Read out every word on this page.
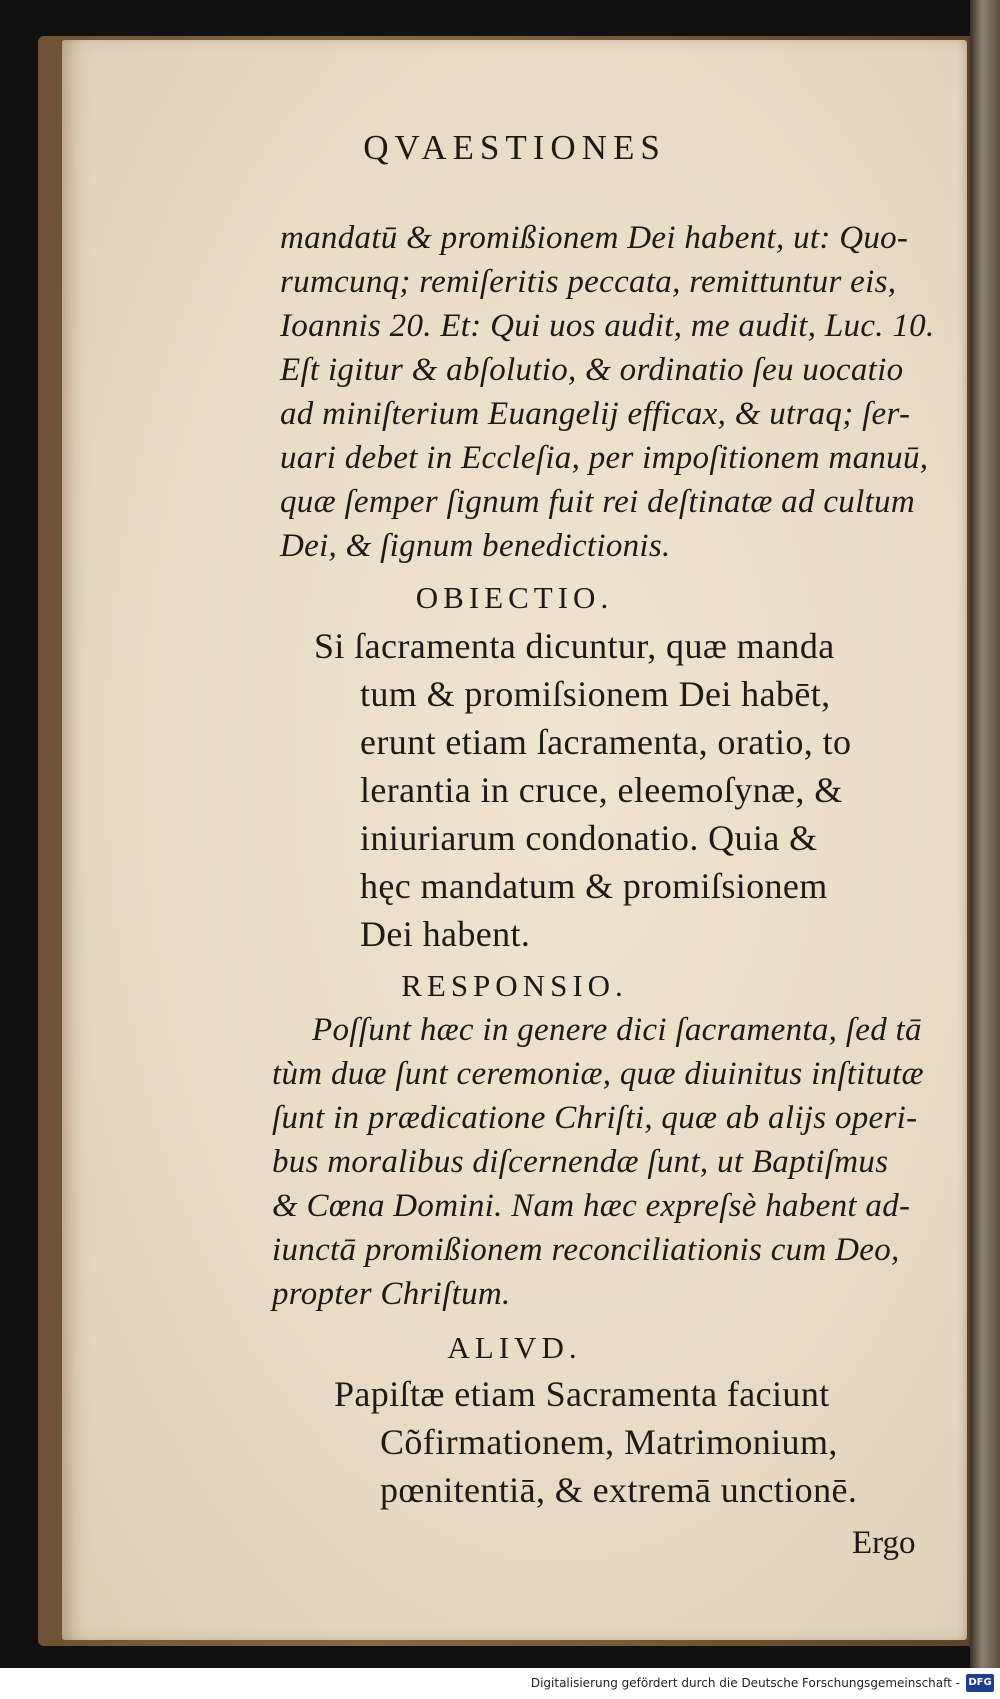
QVAESTIONES
mandatū & promißionem Dei habent, ut: Quo-
rumcunq; remiſeritis peccata, remittuntur eis,
Ioannis 20. Et: Qui uos audit, me audit, Luc. 10.
Eſt igitur & abſolutio, & ordinatio ſeu uocatio
ad miniſterium Euangelij efficax, & utraq; ſer-
uari debet in Eccleſia, per impoſitionem manuū,
quæ ſemper ſignum fuit rei deſtinatæ ad cultum
Dei, & ſignum benedictionis.
OBIECTIO.
Si ſacramenta dicuntur, quæ manda
tum & promiſsionem Dei habēt,
erunt etiam ſacramenta, oratio, to
lerantia in cruce, eleemoſynæ, &
iniuriarum condonatio. Quia &
hęc mandatum & promiſsionem
Dei habent.
RESPONSIO.
Poſſunt hæc in genere dici ſacramenta, ſed tā
tùm duæ ſunt ceremoniæ, quæ diuinitus inſtitutæ
ſunt in prædicatione Chriſti, quæ ab alijs operi-
bus moralibus diſcernendæ ſunt, ut Baptiſmus
& Cœna Domini. Nam hæc expreſsè habent ad-
iunctā promißionem reconciliationis cum Deo,
propter Chriſtum.
ALIVD.
Papiſtæ etiam Sacramenta faciunt
Cõfirmationem, Matrimonium,
pœnitentiā, & extremā unctionē.
Ergo
Digitalisierung gefördert durch die Deutsche Forschungsgemeinschaft - DFG
